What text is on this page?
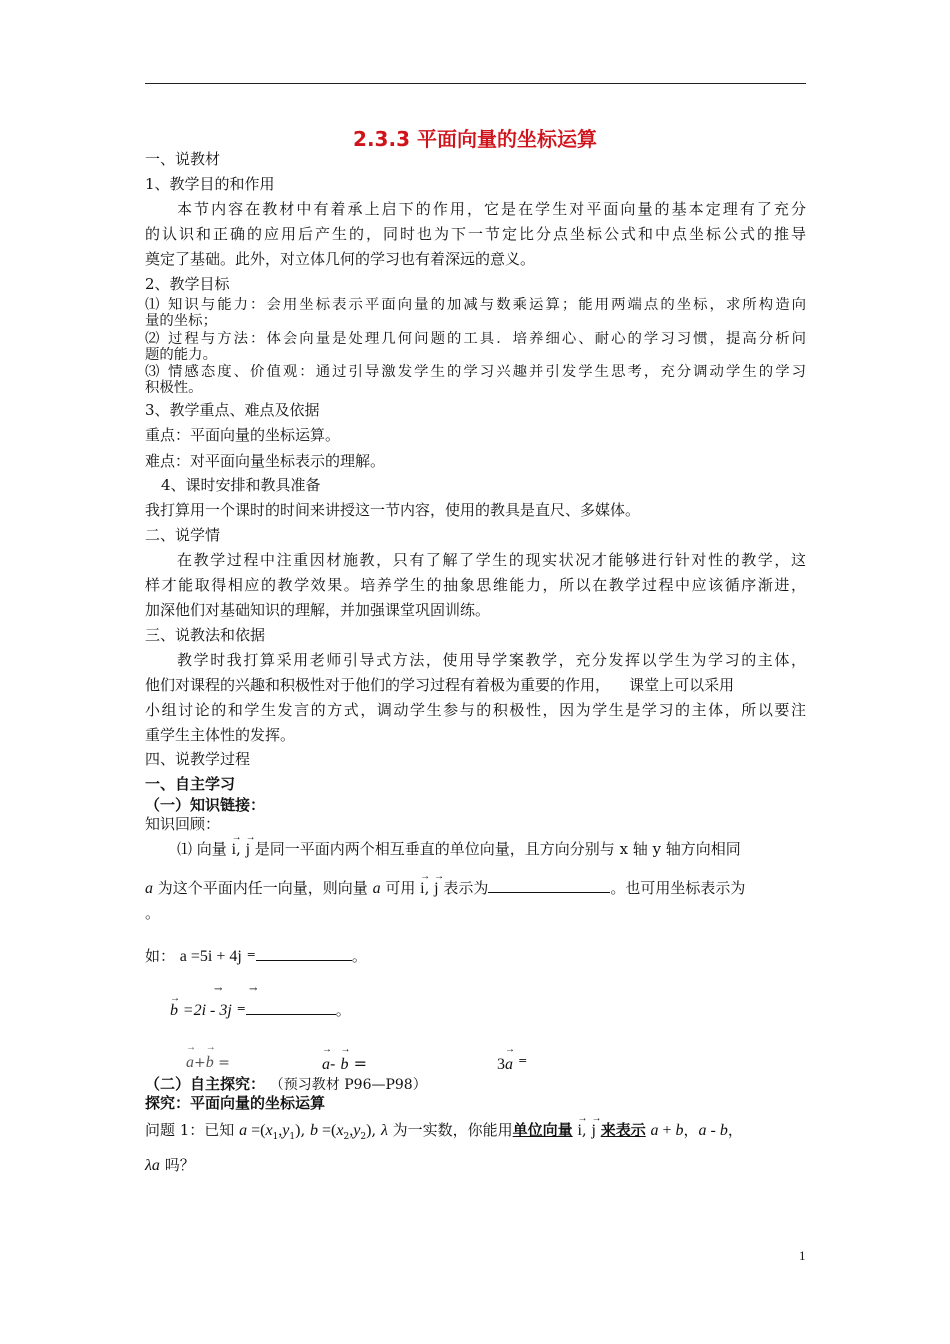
2.3.3 平面向量的坐标运算
一、说教材
1、教学目的和作用
本节内容在教材中有着承上启下的作用，它是在学生对平面向量的基本定理有了充分
的认识和正确的应用后产生的，同时也为下一节定比分点坐标公式和中点坐标公式的推导
奠定了基础。此外，对立体几何的学习也有着深远的意义。
2、教学目标
⑴ 知识与能力：会用坐标表示平面向量的加减与数乘运算；能用两端点的坐标，求所构造向
量的坐标；
⑵ 过程与方法：体会向量是处理几何问题的工具．培养细心、耐心的学习习惯，提高分析问
题的能力。
⑶ 情感态度、价值观：通过引导激发学生的学习兴趣并引发学生思考，充分调动学生的学习
积极性。
3、教学重点、难点及依据
重点：平面向量的坐标运算。
难点：对平面向量坐标表示的理解。
4、课时安排和教具准备
我打算用一个课时的时间来讲授这一节内容，使用的教具是直尺、多媒体。
二、说学情
在教学过程中注重因材施教，只有了解了学生的现实状况才能够进行针对性的教学，这
样才能取得相应的教学效果。培养学生的抽象思维能力，所以在教学过程中应该循序渐进，
加深他们对基础知识的理解，并加强课堂巩固训练。
三、说教法和依据
教学时我打算采用老师引导式方法，使用导学案教学，充分发挥以学生为学习的主体，
他们对课程的兴趣和积极性对于他们的学习过程有着极为重要的作用，    课堂上可以采用
小组讨论的和学生发言的方式，调动学生参与的积极性，因为学生是学习的主体，所以要注
重学生主体性的发挥。
四、说教学过程
一、自主学习
（一）知识链接：
知识回顾：
⑴ 向量
→
i,
→
j 是同一平面内两个相互垂直的单位向量，且方向分别与 x 轴 y 轴方向相同
a 为这个平面内任一向量，则向量 a 可用
→
i,
→
j 表示为	。也可用坐标表示为
。
如： a =5i + 4j =	。
→
b =2i - 3j =	。
→	→
→
a+
→
b =
→
a-
→
b =	3
→
a =
（二）自主探究： （预习教材 P96—P98）
探究：平面向量的坐标运算
问题 1：已知 $a =(x_1,y_1)$, $b =(x_2,y_2)$, λ 为一实数，你能用单位向量
→
i,
→
j 来表示 a + b，a - b，
λa 吗？
1
